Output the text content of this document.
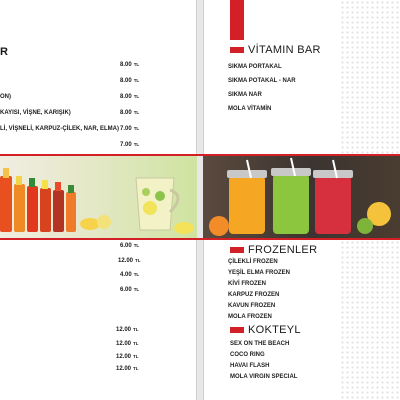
R
8.00 TL
8.00 TL
ON)	8.00 TL
KAYISI, VİŞNE, KARIŞIK)	8.00 TL
Lİ, VİŞNELİ, KARPUZ-ÇİLEK, NAR, ELMA) 7.00 TL
7.00 TL
6.00 TL
12.00 TL
4.00 TL
6.00 TL
12.00 TL
12.00 TL
12.00 TL
12.00 TL
VİTAMIN BAR
SIKMA PORTAKAL
SIKMA POTAKAL - NAR
SIKMA NAR
MOLA VİTAMİN
FROZENLER
ÇİLEKLİ FROZEN
YEŞİL ELMA FROZEN
KİVİ FROZEN
KARPUZ FROZEN
KAVUN FROZEN
MOLA FROZEN
KOKTEYL
SEX ON THE BEACH
COCO RING
HAVAI FLASH
MOLA VIRGIN SPECIAL
